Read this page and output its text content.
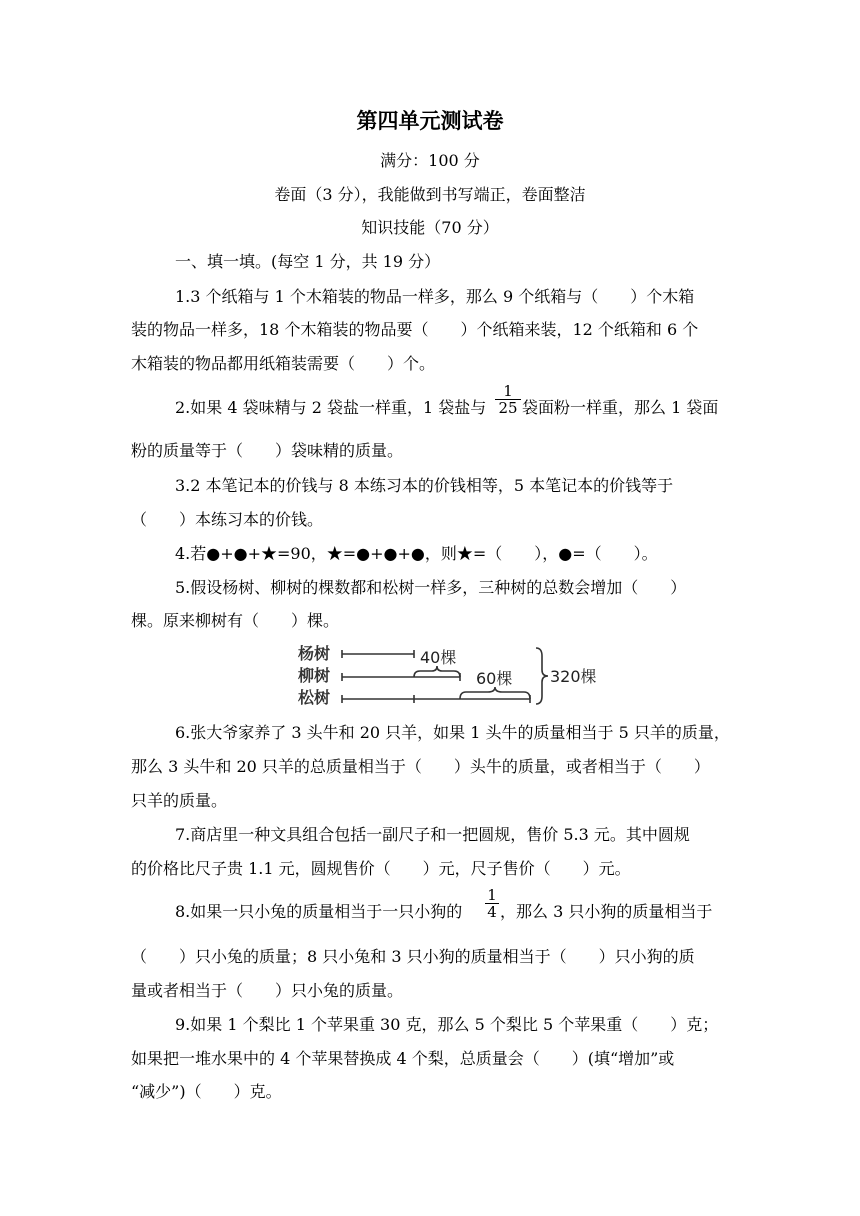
第四单元测试卷
满分：100 分
卷面（3 分），我能做到书写端正，卷面整洁
知识技能（70 分）
一、填一填。(每空 1 分，共 19 分）
1.3 个纸箱与 1 个木箱装的物品一样多，那么 9 个纸箱与（　　）个木箱
装的物品一样多，18 个木箱装的物品要（　　）个纸箱来装，12 个纸箱和 6 个
木箱装的物品都用纸箱装需要（　　）个。
2.如果 4 袋味精与 2 袋盐一样重，1 袋盐与
1
25 袋面粉一样重，那么 1 袋面
粉的质量等于（　　）袋味精的质量。
3.2 本笔记本的价钱与 8 本练习本的价钱相等，5 本笔记本的价钱等于
（　　）本练习本的价钱。
4.若●+●+★=90，★=●+●+●，则★=（　　），●=（　　）。
5.假设杨树、柳树的棵数都和松树一样多，三种树的总数会增加（　　）
棵。原来柳树有（　　）棵。
杨树
柳树
松树
40棵
60棵 320棵
6.张大爷家养了 3 头牛和 20 只羊，如果 1 头牛的质量相当于 5 只羊的质量，
那么 3 头牛和 20 只羊的总质量相当于（　　）头牛的质量，或者相当于（　　）
只羊的质量。
7.商店里一种文具组合包括一副尺子和一把圆规，售价 5.3 元。其中圆规
的价格比尺子贵 1.1 元，圆规售价（　　）元，尺子售价（　　）元。
8.如果一只小兔的质量相当于一只小狗的
1
4 ，那么 3 只小狗的质量相当于
（　　）只小兔的质量；8 只小兔和 3 只小狗的质量相当于（　　）只小狗的质
量或者相当于（　　）只小兔的质量。
9.如果 1 个梨比 1 个苹果重 30 克，那么 5 个梨比 5 个苹果重（　　）克；
如果把一堆水果中的 4 个苹果替换成 4 个梨，总质量会（　　）(填“增加”或
“减少”)（　　）克。
